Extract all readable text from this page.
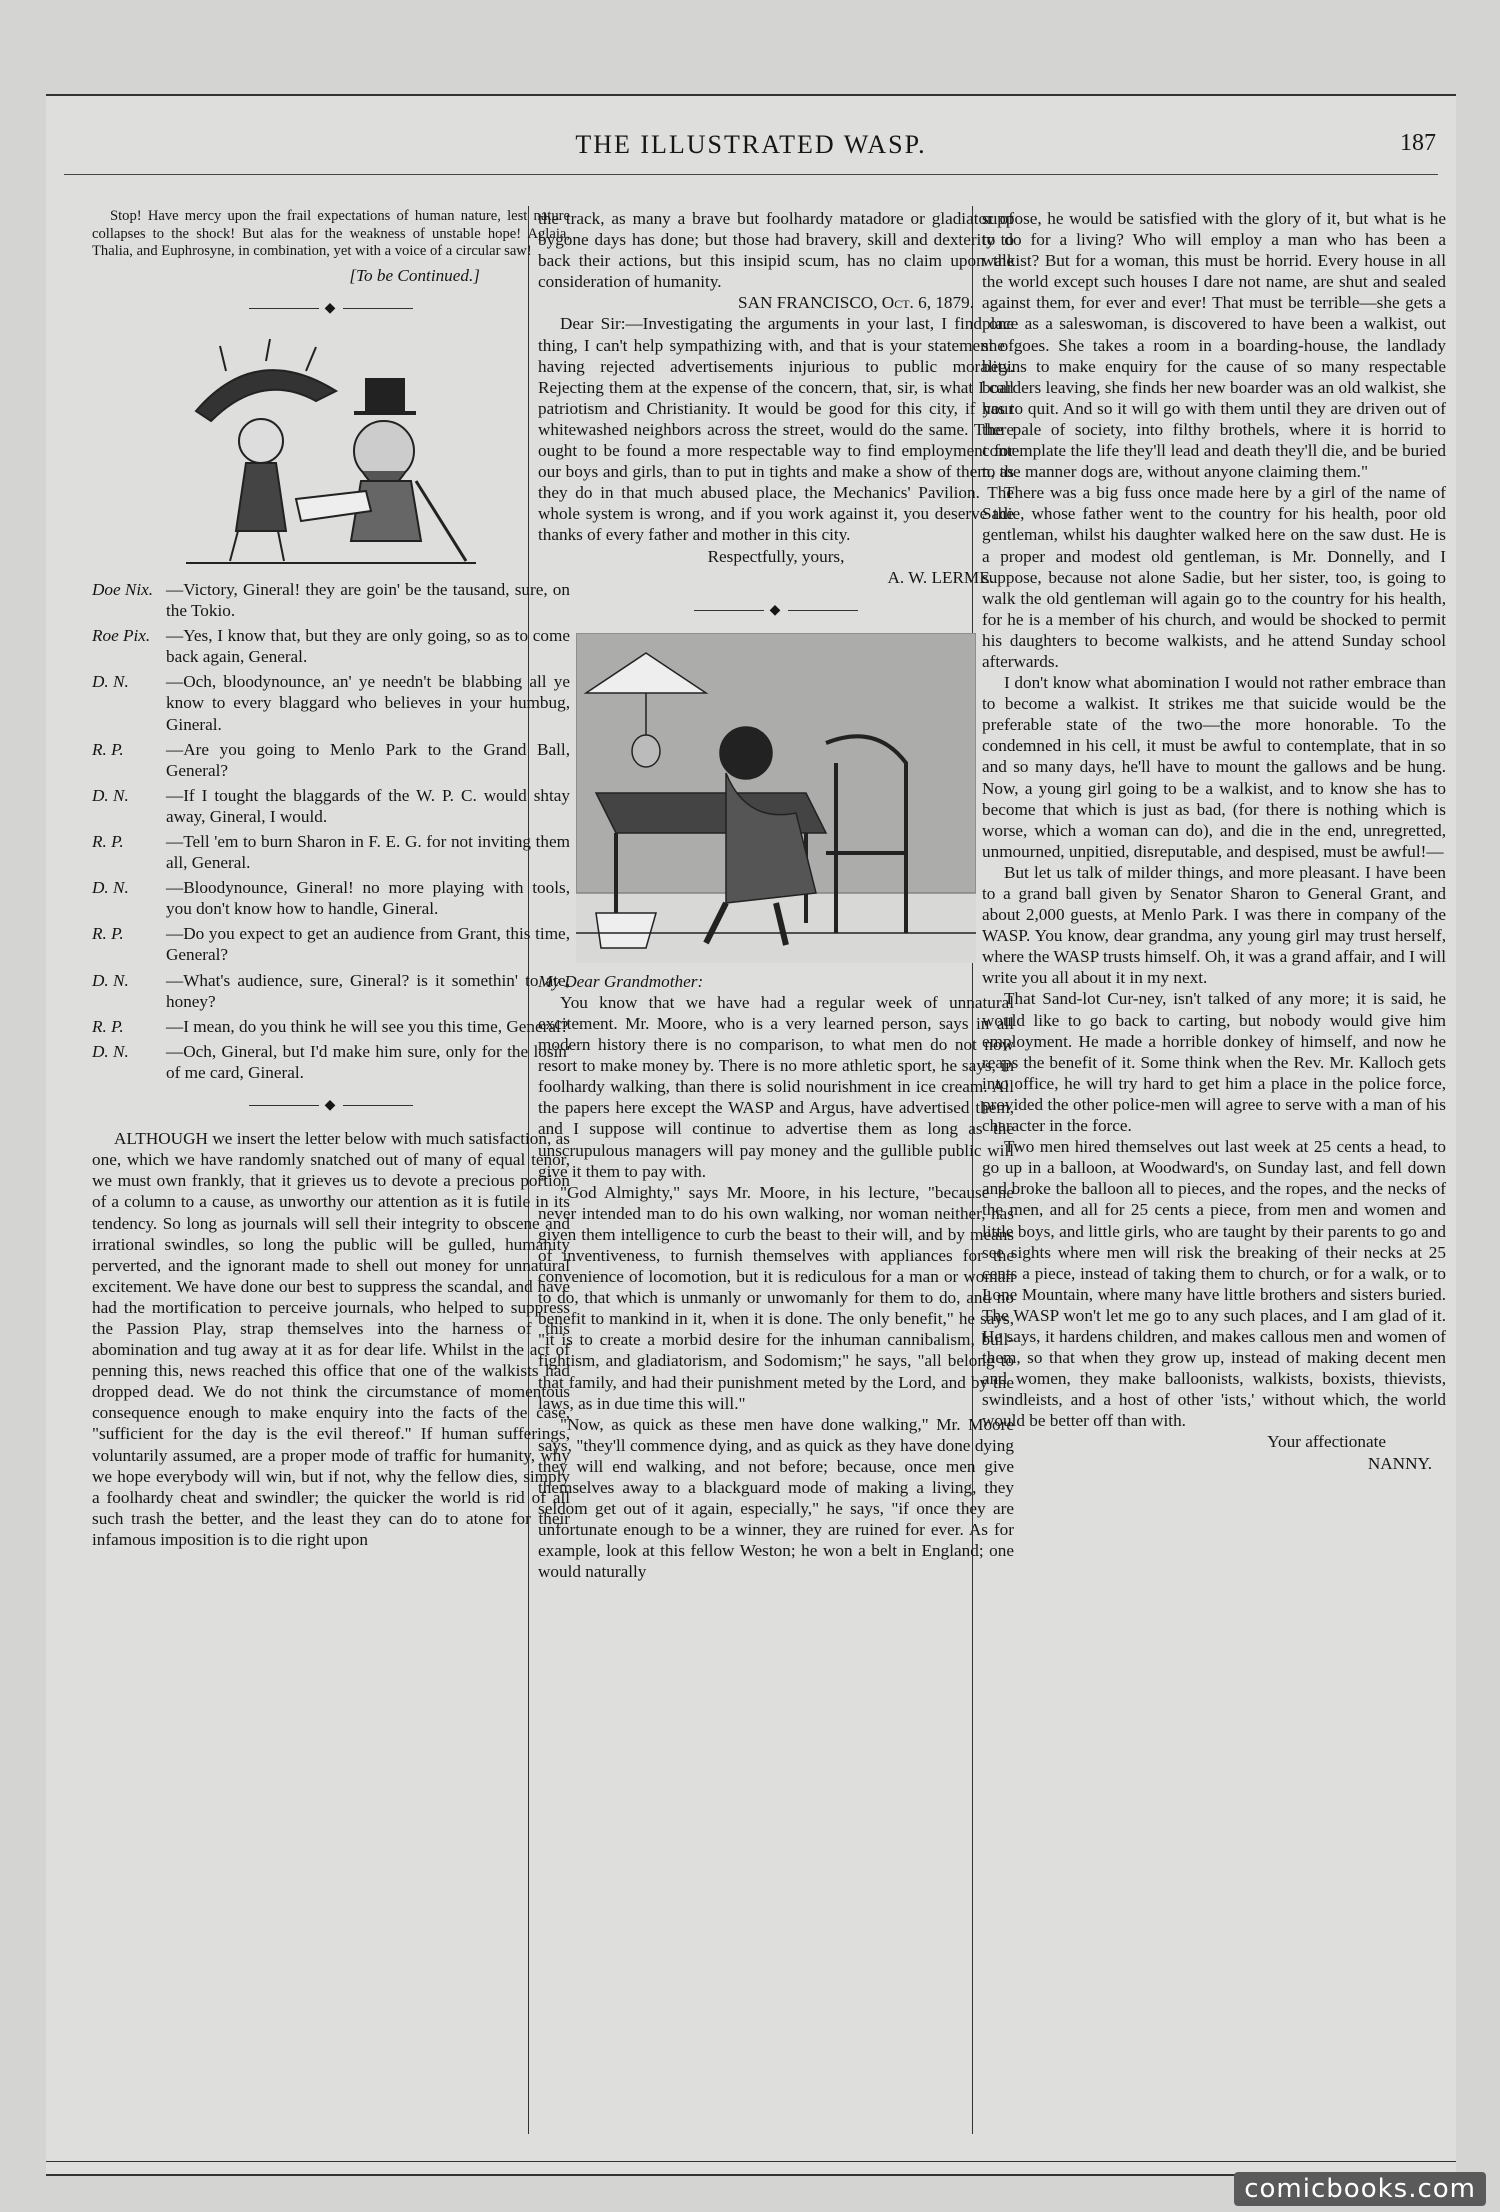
THE ILLUSTRATED WASP.	187

Stop! Have mercy upon the frail expectations of human nature, lest nature collapses to the shock! But alas for the weakness of unstable hope! Aglaia, Thalia, and Euphrosyne, in combination, yet with a voice of a circular saw!

[To be Continued.]

◆
Doe Nix. —Victory, Gineral! they are goin' be the tausand, sure, on the Tokio.
Roe Pix. —Yes, I know that, but they are only going, so as to come back again, General.
D. N.	—Och, bloodynounce, an' ye needn't be blabbing all ye know to every blaggard who believes in your humbug, Gineral.
R. P.	—Are you going to Menlo Park to the Grand Ball, General?
D. N.	—If I tought the blaggards of the W. P. C. would shtay away, Gineral, I would.
R. P.	—Tell 'em to burn Sharon in F. E. G. for not inviting them all, General.
D. N.	—Bloodynounce, Gineral! no more playing with tools, you don't know how to handle, Gineral.
R. P.	—Do you expect to get an audience from Grant, this time, General?
D. N.	—What's audience, sure, Gineral? is it somethin' to ate, honey?
R. P.	—I mean, do you think he will see you this time, General?
D. N.	—Och, Gineral, but I'd make him sure, only for the losin' of me card, Gineral.
◆

ALTHOUGH we insert the letter below with much satisfaction, as one, which we have randomly snatched out of many of equal tenor, we must own frankly, that it grieves us to devote a precious portion of a column to a cause, as unworthy our attention as it is futile in its tendency. So long as journals will sell their integrity to obscene and irrational swindles, so long the public will be gulled, humanity perverted, and the ignorant made to shell out money for unnatural excitement. We have done our best to suppress the scandal, and have had the mortification to perceive journals, who helped to suppress the Passion Play, strap themselves into the harness of this abomination and tug away at it as for dear life. Whilst in the act of penning this, news reached this office that one of the walkists had dropped dead. We do not think the circumstance of momentous consequence enough to make enquiry into the facts of the case, "sufficient for the day is the evil thereof." If human sufferings, voluntarily assumed, are a proper mode of traffic for humanity, why we hope everybody will win, but if not, why the fellow dies, simply a foolhardy cheat and swindler; the quicker the world is rid of all such trash the better, and the least they can do to atone for their infamous imposition is to die right upon

the track, as many a brave but foolhardy matadore or gladiator of bygone days has done; but those had bravery, skill and dexterity to back their actions, but this insipid scum, has no claim upon the consideration of humanity.

SAN FRANCISCO, Oct. 6, 1879.

Dear Sir:—Investigating the arguments in your last, I find one thing, I can't help sympathizing with, and that is your statement of having rejected advertisements injurious to public morality. Rejecting them at the expense of the concern, that, sir, is what I call patriotism and Christianity. It would be good for this city, if your whitewashed neighbors across the street, would do the same. There ought to be found a more respectable way to find employment for our boys and girls, than to put in tights and make a show of them, as they do in that much abused place, the Mechanics' Pavilion. The whole system is wrong, and if you work against it, you deserve the thanks of every father and mother in this city.

Respectfully, yours,

A. W. LERME.

◆

My Dear Grandmother:

You know that we have had a regular week of unnatural excitement. Mr. Moore, who is a very learned person, says in all modern history there is no comparison, to what men do not now resort to make money by. There is no more athletic sport, he says, in foolhardy walking, than there is solid nourishment in ice cream. All the papers here except the WASP and Argus, have advertised them, and I suppose will continue to advertise them as long as the unscrupulous managers will pay money and the gullible public will give it them to pay with.

"God Almighty," says Mr. Moore, in his lecture, "because he never intended man to do his own walking, nor woman neither, has given them intelligence to curb the beast to their will, and by means of inventiveness, to furnish themselves with appliances for the convenience of locomotion, but it is rediculous for a man or woman to do, that which is unmanly or unwomanly for them to do, and no benefit to mankind in it, when it is done. The only benefit," he says, "it is to create a morbid desire for the inhuman cannibalism, bull-fightism, and gladiatorism, and Sodomism;" he says, "all belong to that family, and had their punishment meted by the Lord, and by the laws, as in due time this will."

"Now, as quick as these men have done walking," Mr. Moore says, "they'll commence dying, and as quick as they have done dying they will end walking, and not before; because, once men give themselves away to a blackguard mode of making a living, they seldom get out of it again, especially," he says, "if once they are unfortunate enough to be a winner, they are ruined for ever. As for example, look at this fellow Weston; he won a belt in England; one would naturally

suppose, he would be satisfied with the glory of it, but what is he to do for a living? Who will employ a man who has been a walkist? But for a woman, this must be horrid. Every house in all the world except such houses I dare not name, are shut and sealed against them, for ever and ever! That must be terrible—she gets a place as a saleswoman, is discovered to have been a walkist, out she goes. She takes a room in a boarding-house, the landlady begins to make enquiry for the cause of so many respectable boarders leaving, she finds her new boarder was an old walkist, she has to quit. And so it will go with them until they are driven out of the pale of society, into filthy brothels, where it is horrid to contemplate the life they'll lead and death they'll die, and be buried to the manner dogs are, without anyone claiming them."

There was a big fuss once made here by a girl of the name of Sadie, whose father went to the country for his health, poor old gentleman, whilst his daughter walked here on the saw dust. He is a proper and modest old gentleman, is Mr. Donnelly, and I suppose, because not alone Sadie, but her sister, too, is going to walk the old gentleman will again go to the country for his health, for he is a member of his church, and would be shocked to permit his daughters to become walkists, and he attend Sunday school afterwards.

I don't know what abomination I would not rather embrace than to become a walkist. It strikes me that suicide would be the preferable state of the two—the more honorable. To the condemned in his cell, it must be awful to contemplate, that in so and so many days, he'll have to mount the gallows and be hung. Now, a young girl going to be a walkist, and to know she has to become that which is just as bad, (for there is nothing which is worse, which a woman can do), and die in the end, unregretted, unmourned, unpitied, disreputable, and despised, must be awful!—

But let us talk of milder things, and more pleasant. I have been to a grand ball given by Senator Sharon to General Grant, and about 2,000 guests, at Menlo Park. I was there in company of the WASP. You know, dear grandma, any young girl may trust herself, where the WASP trusts himself. Oh, it was a grand affair, and I will write you all about it in my next.

That Sand-lot Cur-ney, isn't talked of any more; it is said, he would like to go back to carting, but nobody would give him employment. He made a horrible donkey of himself, and now he reaps the benefit of it. Some think when the Rev. Mr. Kalloch gets into office, he will try hard to get him a place in the police force, provided the other police-men will agree to serve with a man of his character in the force.

Two men hired themselves out last week at 25 cents a head, to go up in a balloon, at Woodward's, on Sunday last, and fell down and broke the balloon all to pieces, and the ropes, and the necks of the men, and all for 25 cents a piece, from men and women and little boys, and little girls, who are taught by their parents to go and see sights where men will risk the breaking of their necks at 25 cents a piece, instead of taking them to church, or for a walk, or to Lone Mountain, where many have little brothers and sisters buried. The WASP won't let me go to any such places, and I am glad of it. He says, it hardens children, and makes callous men and women of them, so that when they grow up, instead of making decent men and women, they make balloonists, walkists, boxists, thievists, swindleists, and a host of other 'ists,' without which, the world would be better off than with.

Your affectionate

NANNY.

comicbooks.com
